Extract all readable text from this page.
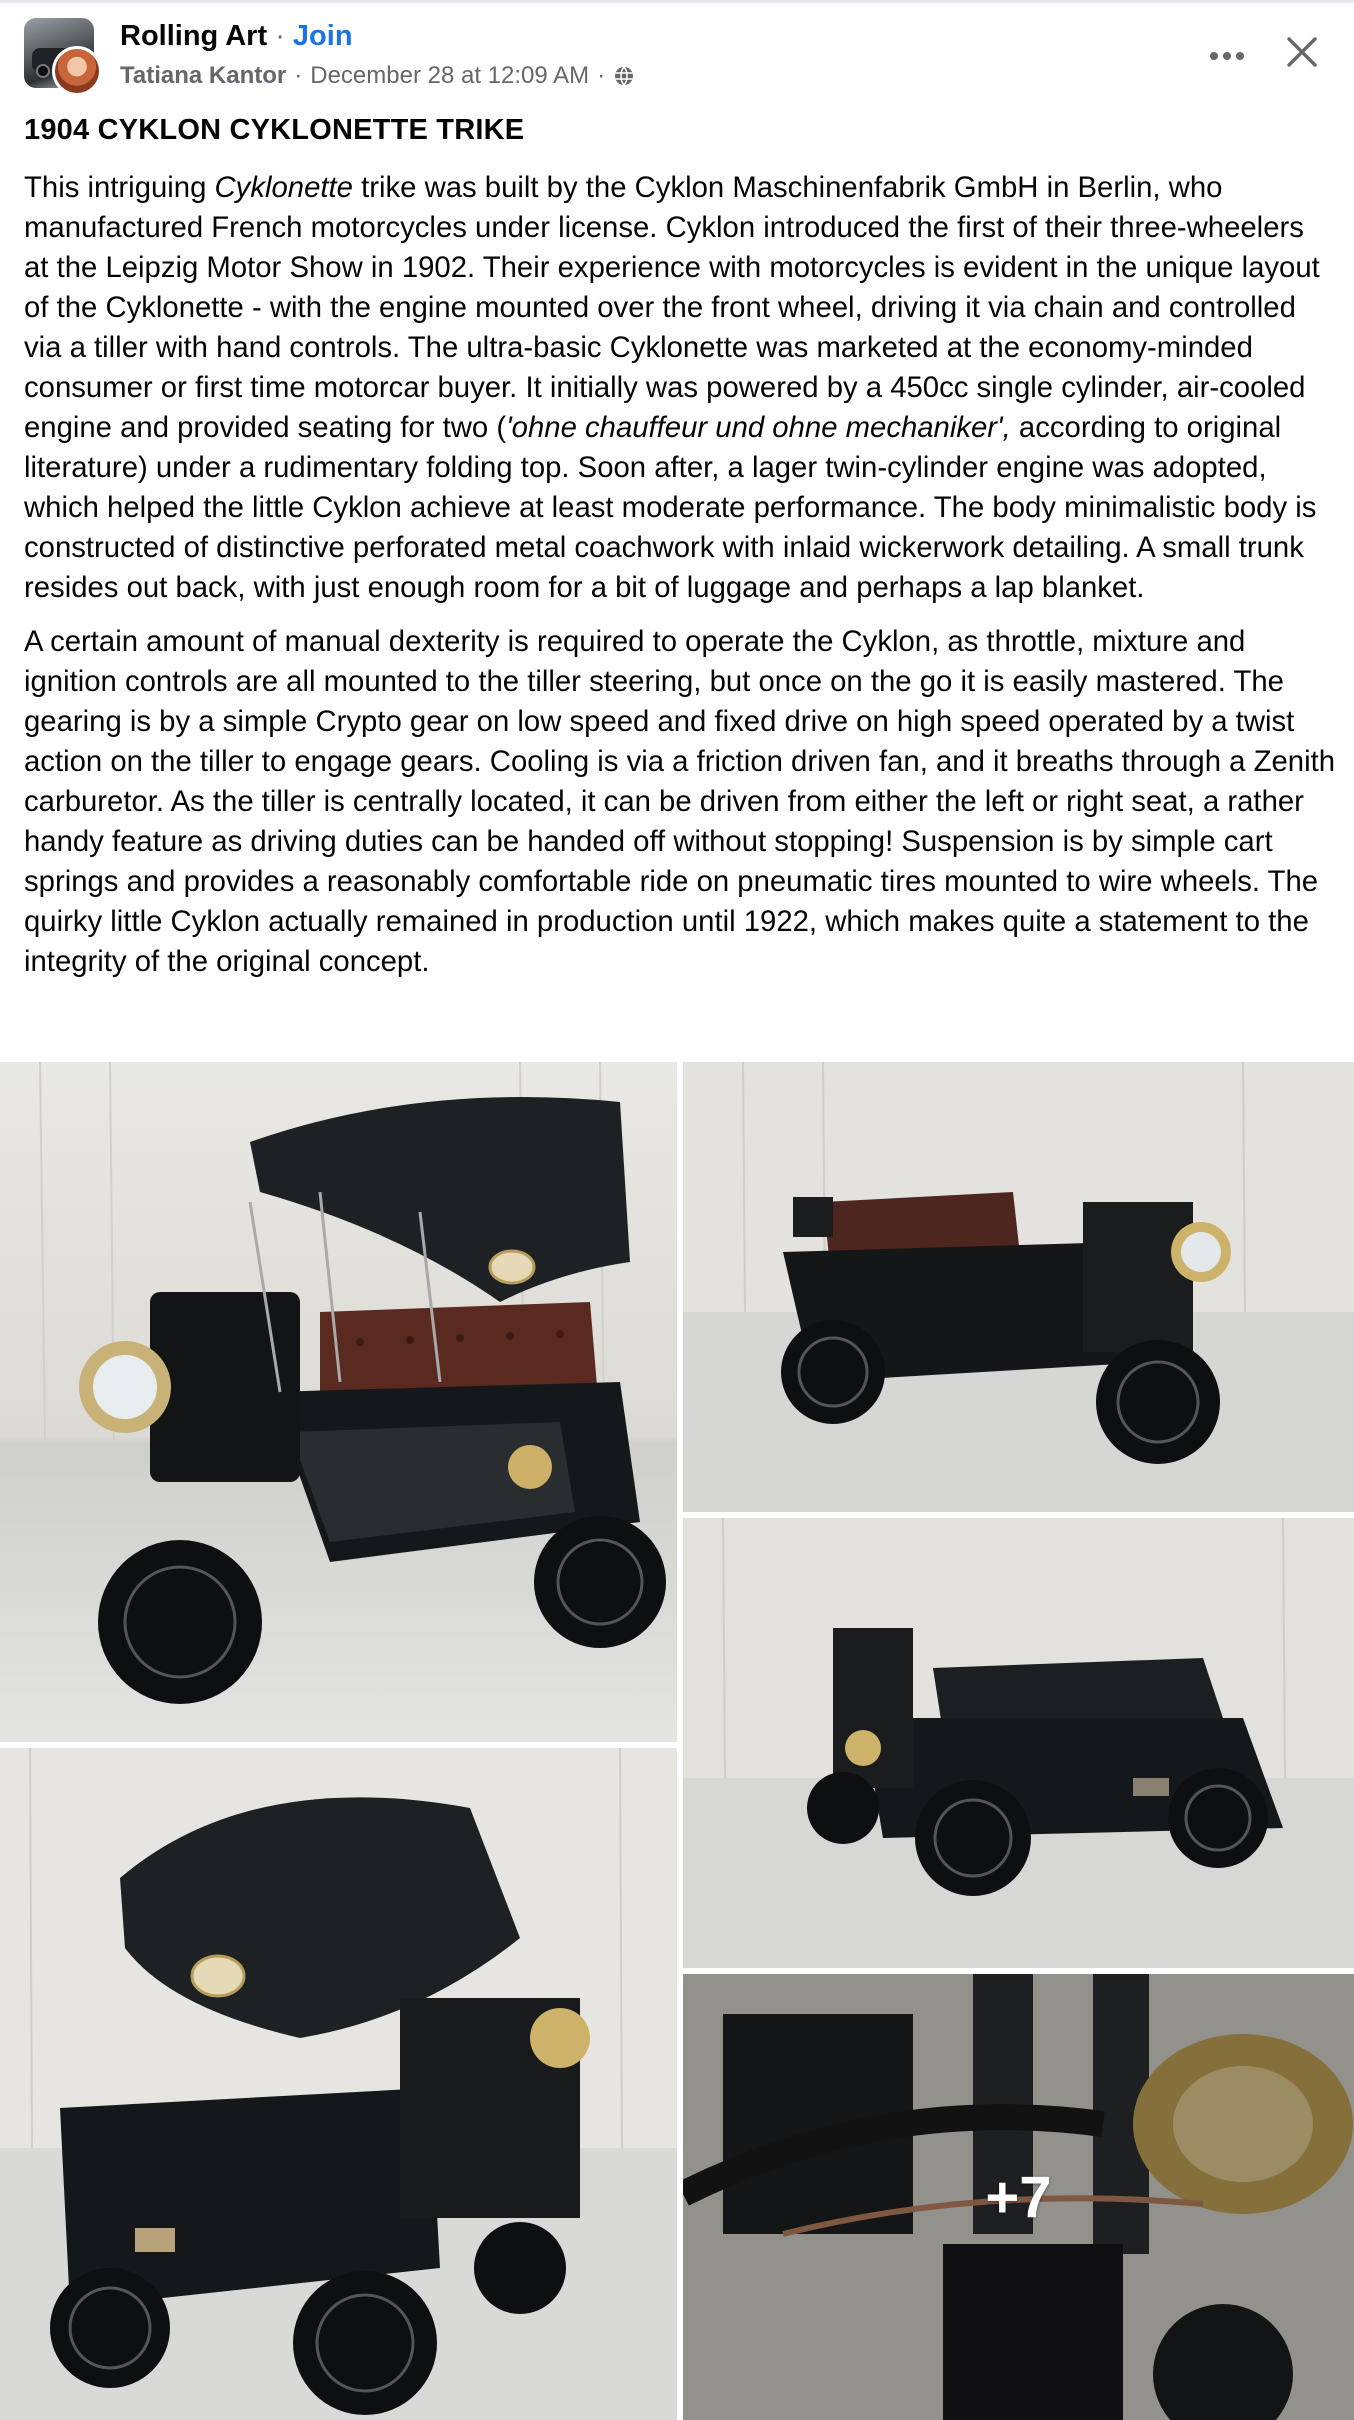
Rolling Art · Join
Tatiana Kantor · December 28 at 12:09 AM ·
1904 CYKLON CYKLONETTE TRIKE

This intriguing Cyklonette trike was built by the Cyklon Maschinenfabrik GmbH in Berlin, who manufactured French motorcycles under license. Cyklon introduced the first of their three-wheelers at the Leipzig Motor Show in 1902. Their experience with motorcycles is evident in the unique layout of the Cyklonette - with the engine mounted over the front wheel, driving it via chain and controlled via a tiller with hand controls. The ultra-basic Cyklonette was marketed at the economy-minded consumer or first time motorcar buyer. It initially was powered by a 450cc single cylinder, air-cooled engine and provided seating for two ('ohne chauffeur und ohne mechaniker', according to original literature) under a rudimentary folding top. Soon after, a lager twin-cylinder engine was adopted, which helped the little Cyklon achieve at least moderate performance. The body minimalistic body is constructed of distinctive perforated metal coachwork with inlaid wickerwork detailing. A small trunk resides out back, with just enough room for a bit of luggage and perhaps a lap blanket.

A certain amount of manual dexterity is required to operate the Cyklon, as throttle, mixture and ignition controls are all mounted to the tiller steering, but once on the go it is easily mastered. The gearing is by a simple Crypto gear on low speed and fixed drive on high speed operated by a twist action on the tiller to engage gears. Cooling is via a friction driven fan, and it breaths through a Zenith carburetor. As the tiller is centrally located, it can be driven from either the left or right seat, a rather handy feature as driving duties can be handed off without stopping! Suspension is by simple cart springs and provides a reasonably comfortable ride on pneumatic tires mounted to wire wheels. The quirky little Cyklon actually remained in production until 1922, which makes quite a statement to the integrity of the original concept.

+7
